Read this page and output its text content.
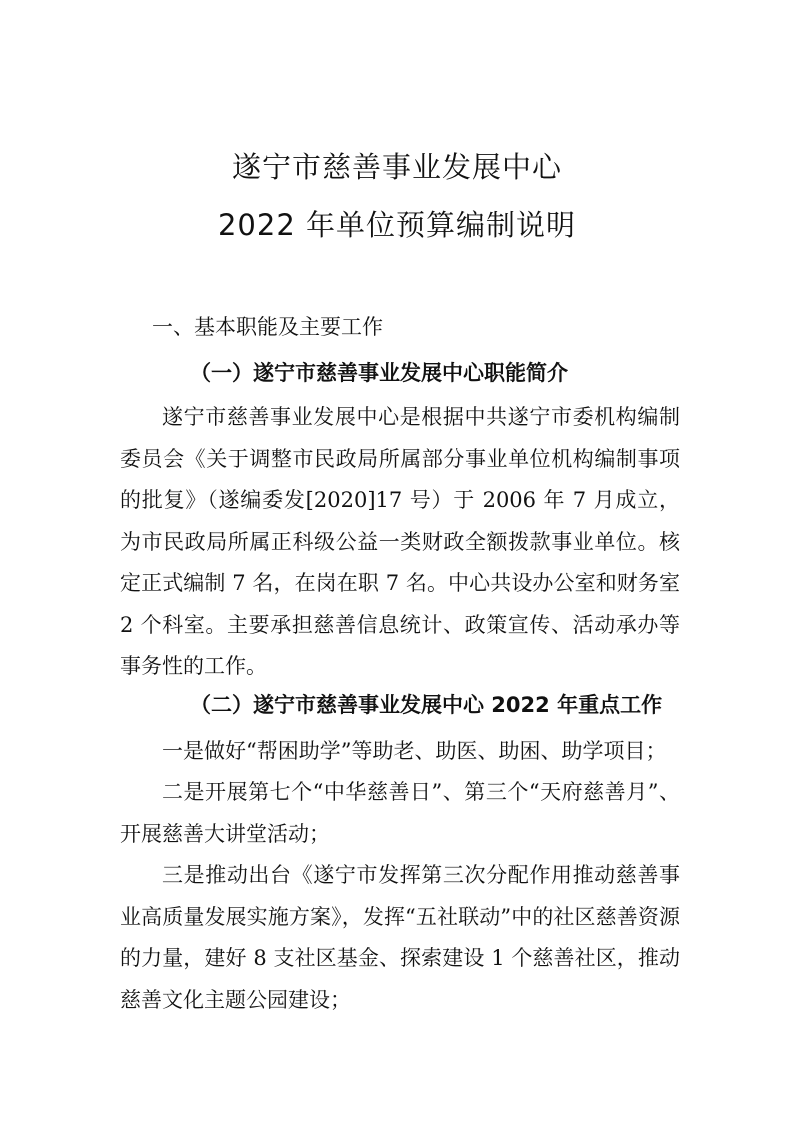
遂宁市慈善事业发展中心
2022 年单位预算编制说明
一、基本职能及主要工作
（一）遂宁市慈善事业发展中心职能简介

遂宁市慈善事业发展中心是根据中共遂宁市委机构编制委员会《关于调整市民政局所属部分事业单位机构编制事项的批复》（遂编委发[2020]17 号）于 2006 年 7 月成立，为市民政局所属正科级公益一类财政全额拨款事业单位。核定正式编制 7 名，在岗在职 7 名。中心共设办公室和财务室 2 个科室。主要承担慈善信息统计、政策宣传、活动承办等事务性的工作。

（二）遂宁市慈善事业发展中心 2022 年重点工作

一是做好“帮困助学”等助老、助医、助困、助学项目；

二是开展第七个“中华慈善日”、第三个“天府慈善月”、开展慈善大讲堂活动；

三是推动出台《遂宁市发挥第三次分配作用推动慈善事业高质量发展实施方案》，发挥“五社联动”中的社区慈善资源的力量，建好 8 支社区基金、探索建设 1 个慈善社区，推动慈善文化主题公园建设；
